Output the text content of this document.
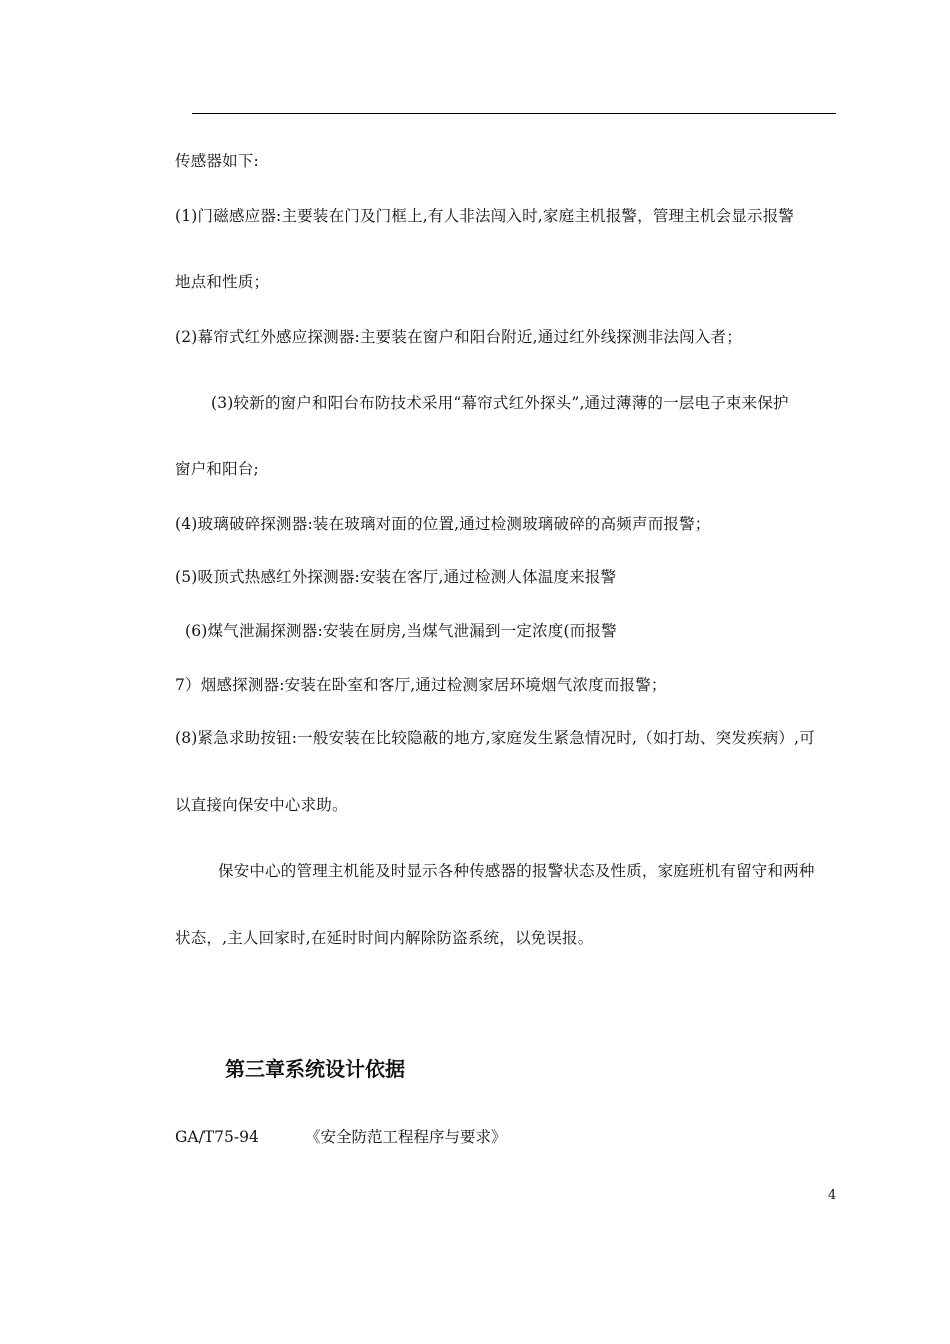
传感器如下:
(1)门磁感应器:主要装在门及门框上,有人非法闯入时,家庭主机报警，管理主机会显示报警
地点和性质；
(2)幕帘式红外感应探测器:主要装在窗户和阳台附近,通过红外线探测非法闯入者；
(3)较新的窗户和阳台布防技术采用“幕帘式红外探头”,通过薄薄的一层电子束来保护
窗户和阳台;
(4)玻璃破碎探测器:装在玻璃对面的位置,通过检测玻璃破碎的高频声而报警；
(5)吸顶式热感红外探测器:安装在客厅,通过检测人体温度来报警
(6)煤气泄漏探测器:安装在厨房,当煤气泄漏到一定浓度(而报警
7）烟感探测器:安装在卧室和客厅,通过检测家居环境烟气浓度而报警；
(8)紧急求助按钮:一般安装在比较隐蔽的地方,家庭发生紧急情况时,（如打劫、突发疾病）,可
以直接向保安中心求助。
保安中心的管理主机能及时显示各种传感器的报警状态及性质，家庭班机有留守和两种
状态，,主人回家时,在延时时间内解除防盗系统，以免误报。
第三章系统设计依据
GA/T75-94	《安全防范工程程序与要求》
4
